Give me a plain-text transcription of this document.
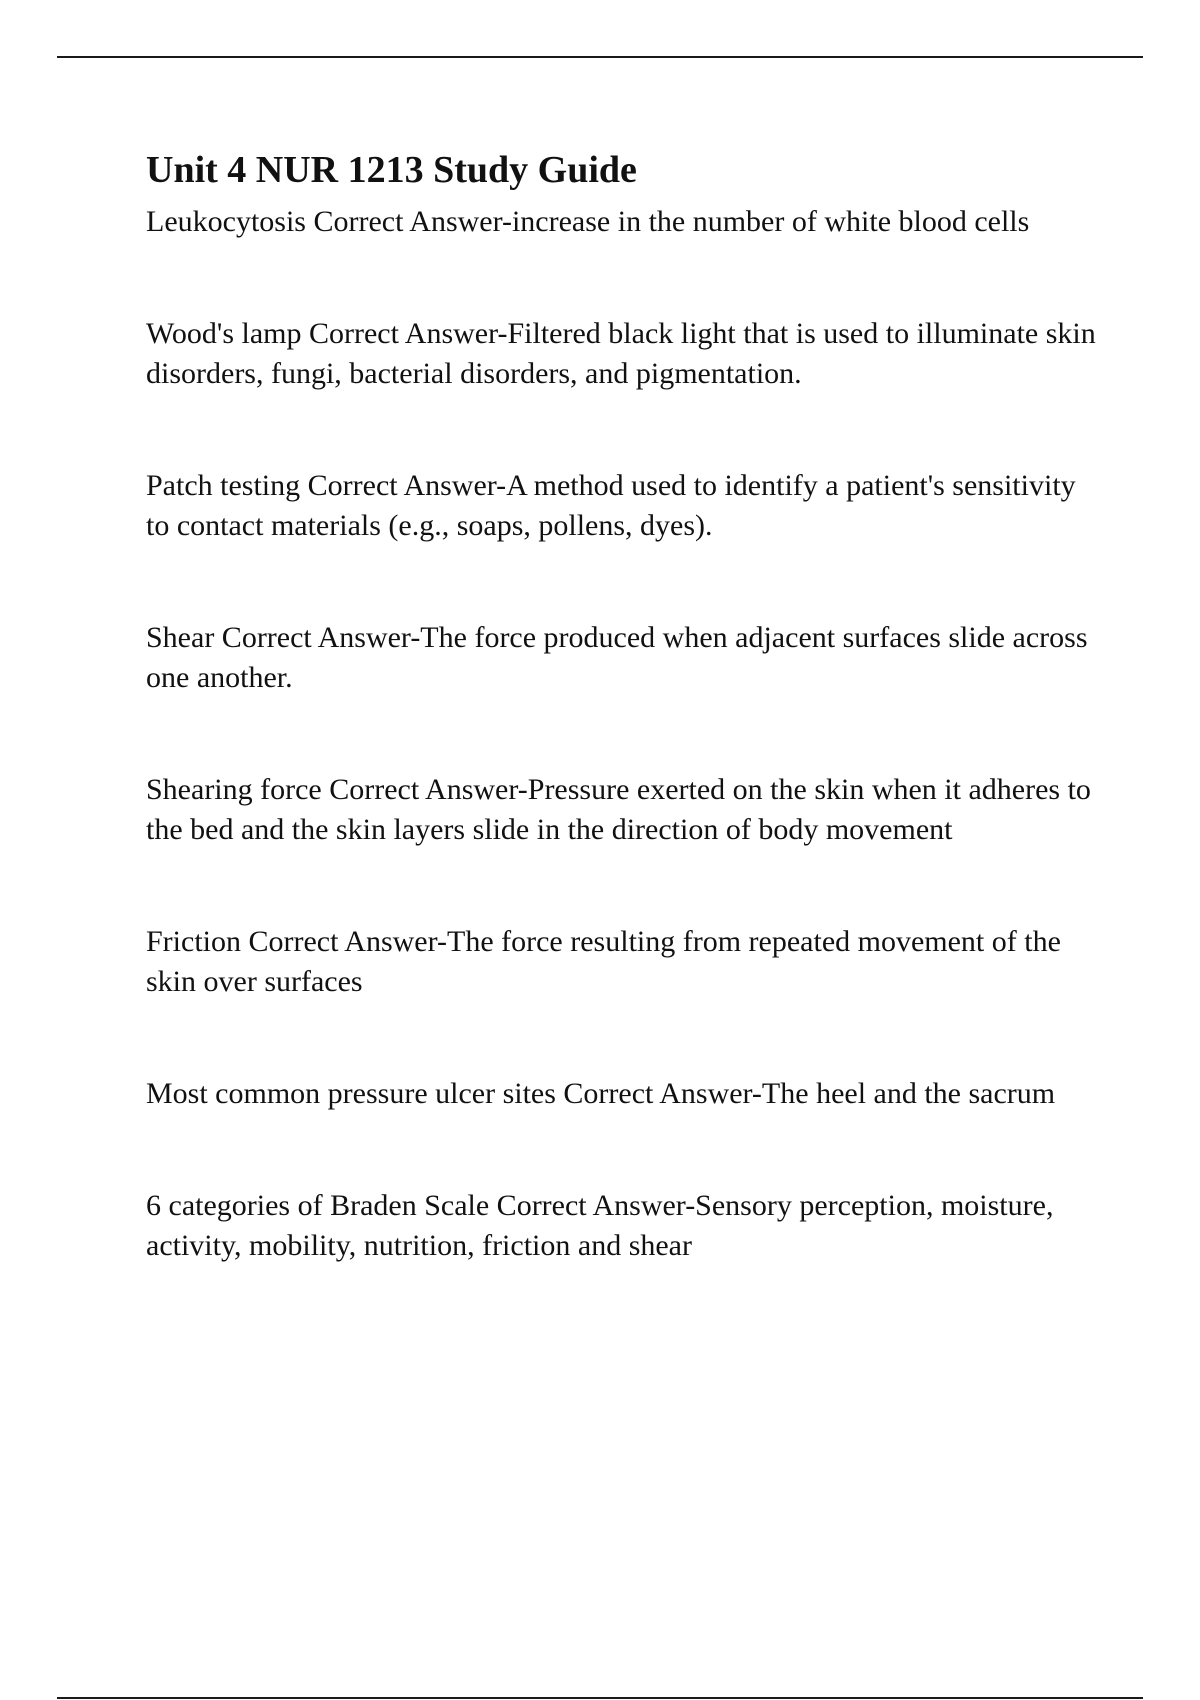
Unit 4 NUR 1213 Study Guide
Leukocytosis Correct Answer-increase in the number of white blood cells
Wood's lamp Correct Answer-Filtered black light that is used to illuminate skin disorders, fungi, bacterial disorders, and pigmentation.
Patch testing Correct Answer-A method used to identify a patient's sensitivity to contact materials (e.g., soaps, pollens, dyes).
Shear Correct Answer-The force produced when adjacent surfaces slide across one another.
Shearing force Correct Answer-Pressure exerted on the skin when it adheres to the bed and the skin layers slide in the direction of body movement
Friction Correct Answer-The force resulting from repeated movement of the skin over surfaces
Most common pressure ulcer sites Correct Answer-The heel and the sacrum
6 categories of Braden Scale Correct Answer-Sensory perception, moisture, activity, mobility, nutrition, friction and shear
